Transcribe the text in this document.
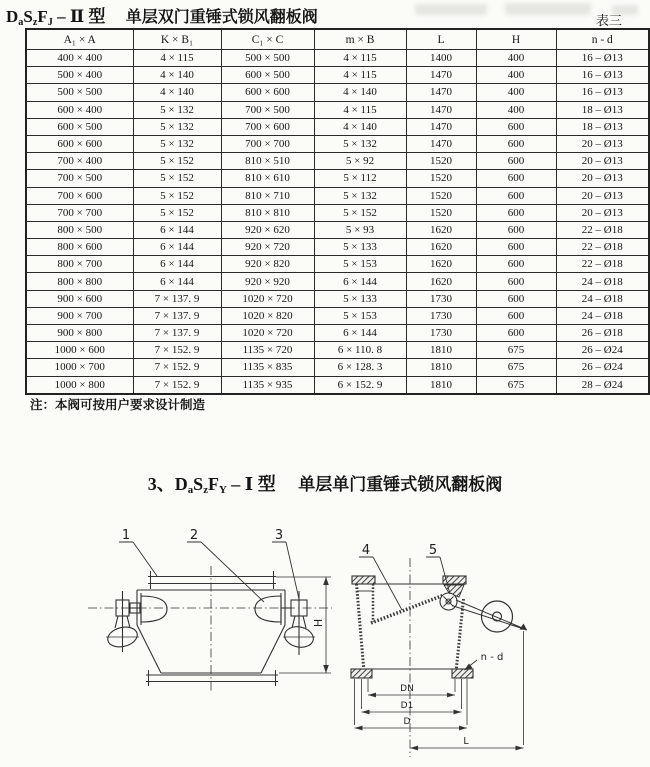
$D_aS_zF_J$ – Ⅱ 型 单层双门重锤式锁风翻板阀	表三
A₁ × A	K × B₁	C₁ × C	m × B	L	H	n - d
400 × 400	4 × 115	500 × 500	4 × 115	1400	400	16 – Ø13
500 × 400	4 × 140	600 × 500	4 × 115	1470	400	16 – Ø13
500 × 500	4 × 140	600 × 600	4 × 140	1470	400	16 – Ø13
600 × 400	5 × 132	700 × 500	4 × 115	1470	400	18 – Ø13
600 × 500	5 × 132	700 × 600	4 × 140	1470	600	18 – Ø13
600 × 600	5 × 132	700 × 700	5 × 132	1470	600	20 – Ø13
700 × 400	5 × 152	810 × 510	5 × 92	1520	600	20 – Ø13
700 × 500	5 × 152	810 × 610	5 × 112	1520	600	20 – Ø13
700 × 600	5 × 152	810 × 710	5 × 132	1520	600	20 – Ø13
700 × 700	5 × 152	810 × 810	5 × 152	1520	600	20 – Ø13
800 × 500	6 × 144	920 × 620	5 × 93	1620	600	22 – Ø18
800 × 600	6 × 144	920 × 720	5 × 133	1620	600	22 – Ø18
800 × 700	6 × 144	920 × 820	5 × 153	1620	600	22 – Ø18
800 × 800	6 × 144	920 × 920	6 × 144	1620	600	24 – Ø18
900 × 600	7 × 137. 9	1020 × 720	5 × 133	1730	600	24 – Ø18
900 × 700	7 × 137. 9	1020 × 820	5 × 153	1730	600	24 – Ø18
900 × 800	7 × 137. 9	1020 × 720	6 × 144	1730	600	26 – Ø18
1000 × 600	7 × 152. 9	1135 × 720	6 × 110. 8	1810	675	26 – Ø24
1000 × 700	7 × 152. 9	1135 × 835	6 × 128. 3	1810	675	26 – Ø24
1000 × 800	7 × 152. 9	1135 × 935	6 × 152. 9	1810	675	28 – Ø24
注：本阀可按用户要求设计制造
3、$D_aS_zF_Y$ – Ⅰ 型 单层单门重锤式锁风翻板阀
H
1	2	3
DN
D1
D
L
n - d
4	5
